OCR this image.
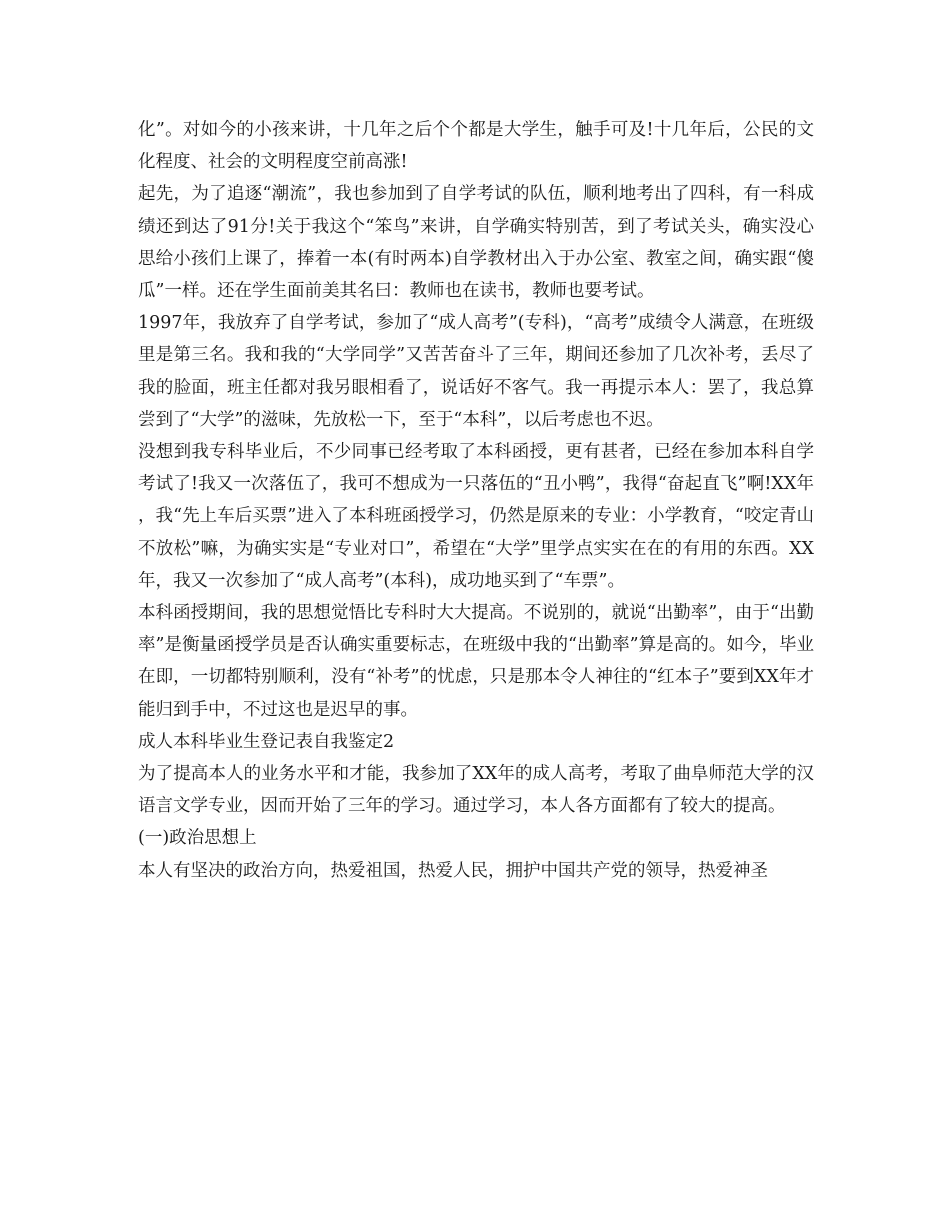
化”。对如今的小孩来讲，十几年之后个个都是大学生，触手可及!十几年后，公民的文化程度、社会的文明程度空前高涨!

起先，为了追逐“潮流”，我也参加到了自学考试的队伍，顺利地考出了四科，有一科成绩还到达了91分!关于我这个“笨鸟”来讲，自学确实特别苦，到了考试关头，确实没心思给小孩们上课了，捧着一本(有时两本)自学教材出入于办公室、教室之间，确实跟“傻瓜”一样。还在学生面前美其名曰：教师也在读书，教师也要考试。

1997年，我放弃了自学考试，参加了“成人高考”(专科)，“高考”成绩令人满意，在班级里是第三名。我和我的“大学同学”又苦苦奋斗了三年，期间还参加了几次补考，丢尽了我的脸面，班主任都对我另眼相看了，说话好不客气。我一再提示本人：罢了，我总算尝到了“大学”的滋味，先放松一下，至于“本科”，以后考虑也不迟。

没想到我专科毕业后，不少同事已经考取了本科函授，更有甚者，已经在参加本科自学考试了!我又一次落伍了，我可不想成为一只落伍的“丑小鸭”，我得“奋起直飞”啊!XX年，我“先上车后买票”进入了本科班函授学习，仍然是原来的专业：小学教育，“咬定青山不放松”嘛，为确实实是“专业对口”，希望在“大学”里学点实实在在的有用的东西。XX年，我又一次参加了“成人高考”(本科)，成功地买到了“车票”。

本科函授期间，我的思想觉悟比专科时大大提高。不说别的，就说“出勤率”，由于“出勤率”是衡量函授学员是否认确实重要标志，在班级中我的“出勤率”算是高的。如今，毕业在即，一切都特别顺利，没有“补考”的忧虑，只是那本令人神往的“红本子”要到XX年才能归到手中，不过这也是迟早的事。

成人本科毕业生登记表自我鉴定2

为了提高本人的业务水平和才能，我参加了XX年的成人高考，考取了曲阜师范大学的汉语言文学专业，因而开始了三年的学习。通过学习，本人各方面都有了较大的提高。

(一)政治思想上

本人有坚决的政治方向，热爱祖国，热爱人民，拥护中国共产党的领导，热爱神圣
